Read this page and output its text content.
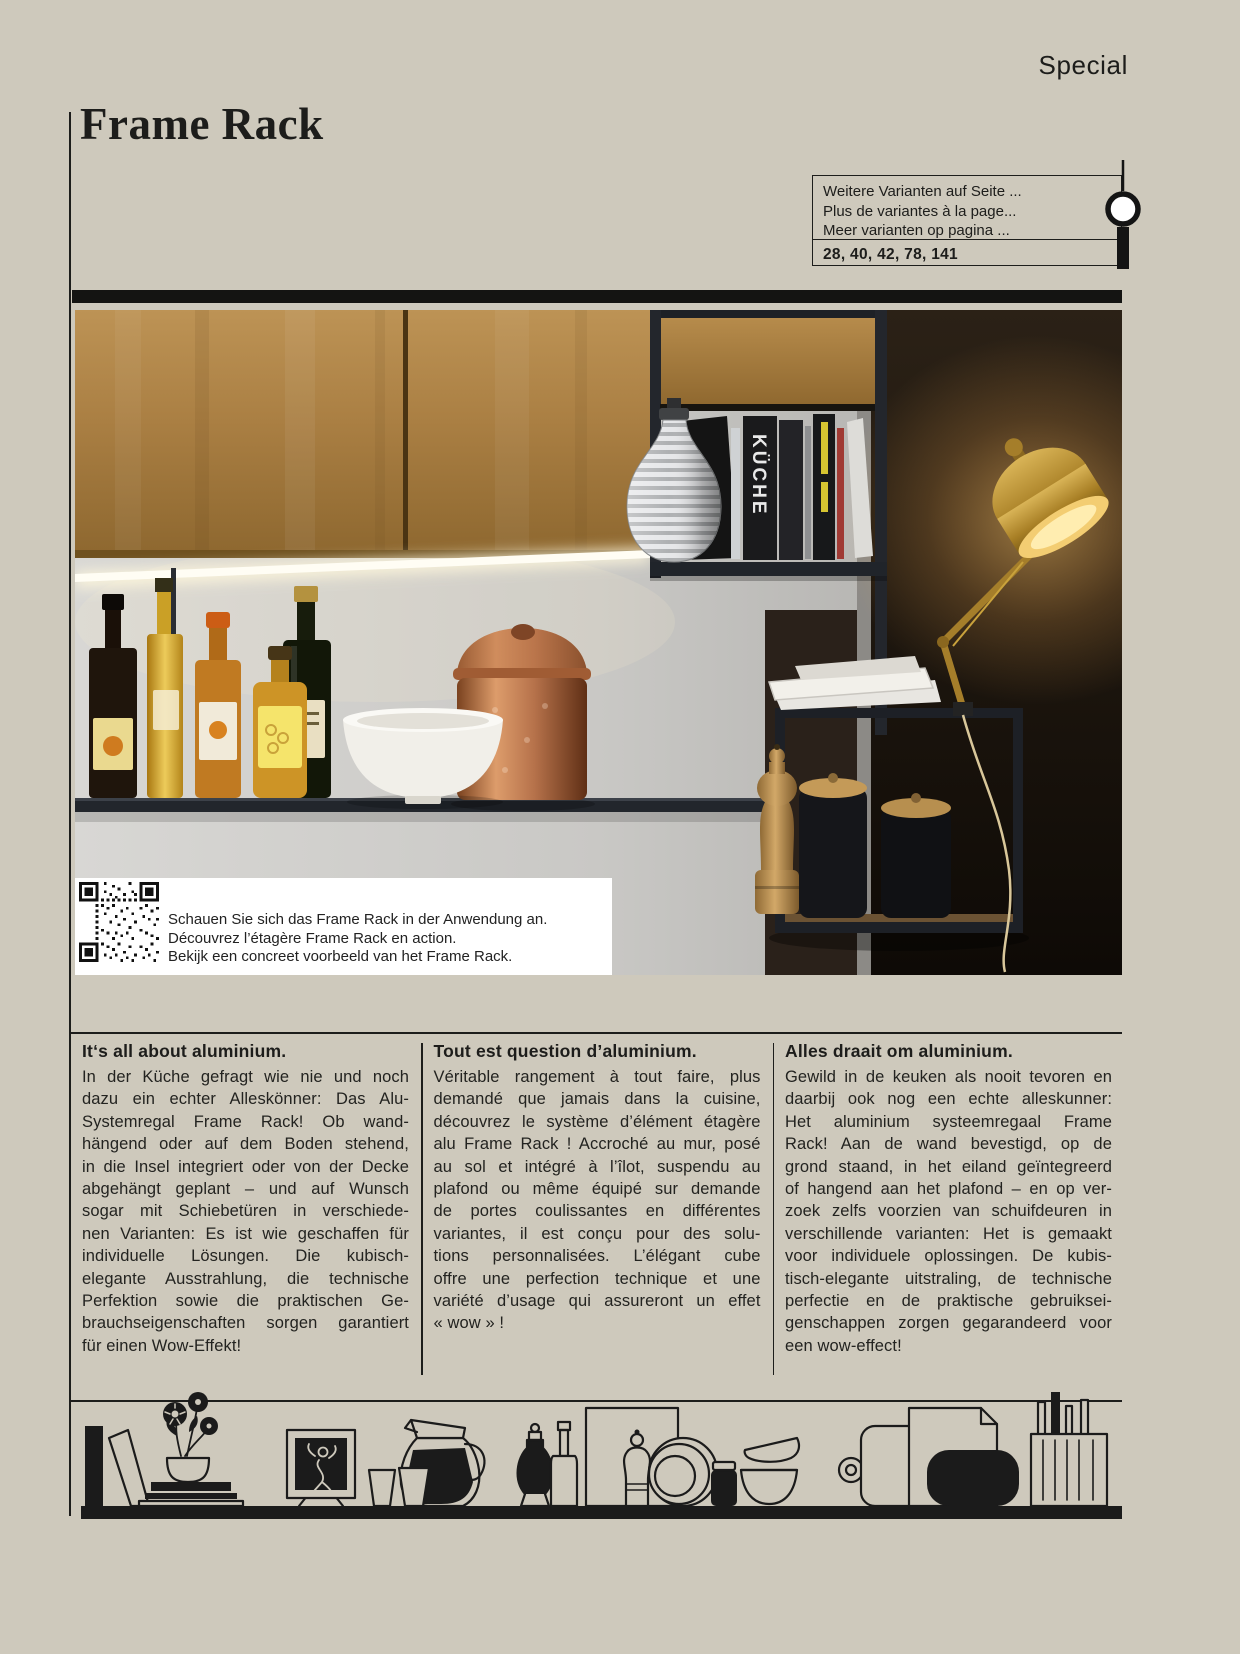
Special
Frame Rack
Weitere Varianten auf Seite ...
Plus de variantes à la page...
Meer varianten op pagina ...
28, 40, 42, 78, 141
KÜCHE
Schauen Sie sich das Frame Rack in der Anwendung an.
Découvrez l’étagère Frame Rack en action.
Bekijk een concreet voorbeeld van het Frame Rack.
It‘s all about aluminium.
In der Küche gefragt wie nie und noch
dazu ein echter Alleskönner: Das Alu-
Systemregal Frame Rack! Ob wand-
hängend oder auf dem Boden stehend,
in die Insel integriert oder von der Decke
abgehängt geplant – und auf Wunsch
sogar mit Schiebetüren in verschiede-
nen Varianten: Es ist wie geschaffen für
individuelle Lösungen. Die kubisch-
elegante Ausstrahlung, die technische
Perfektion sowie die praktischen Ge-
brauchseigenschaften sorgen garantiert
für einen Wow-Effekt!
Tout est question d’aluminium.
Véritable rangement à tout faire, plus
demandé que jamais dans la cuisine,
découvrez le système d’élément étagère
alu Frame Rack ! Accroché au mur, posé
au sol et intégré à l’îlot, suspendu au
plafond ou même équipé sur demande
de portes coulissantes en différentes
variantes, il est conçu pour des solu-
tions personnalisées. L’élégant cube
offre une perfection technique et une
variété d’usage qui assureront un effet
« wow » !
Alles draait om aluminium.
Gewild in de keuken als nooit tevoren en
daarbij ook nog een echte alleskunner:
Het aluminium systeemregaal Frame
Rack! Aan de wand bevestigd, op de
grond staand, in het eiland geïntegreerd
of hangend aan het plafond – en op ver-
zoek zelfs voorzien van schuifdeuren in
verschillende varianten: Het is gemaakt
voor individuele oplossingen. De kubis-
tisch-elegante uitstraling, de technische
perfectie en de praktische gebruiksei-
genschappen zorgen gegarandeerd voor
een wow-effect!
